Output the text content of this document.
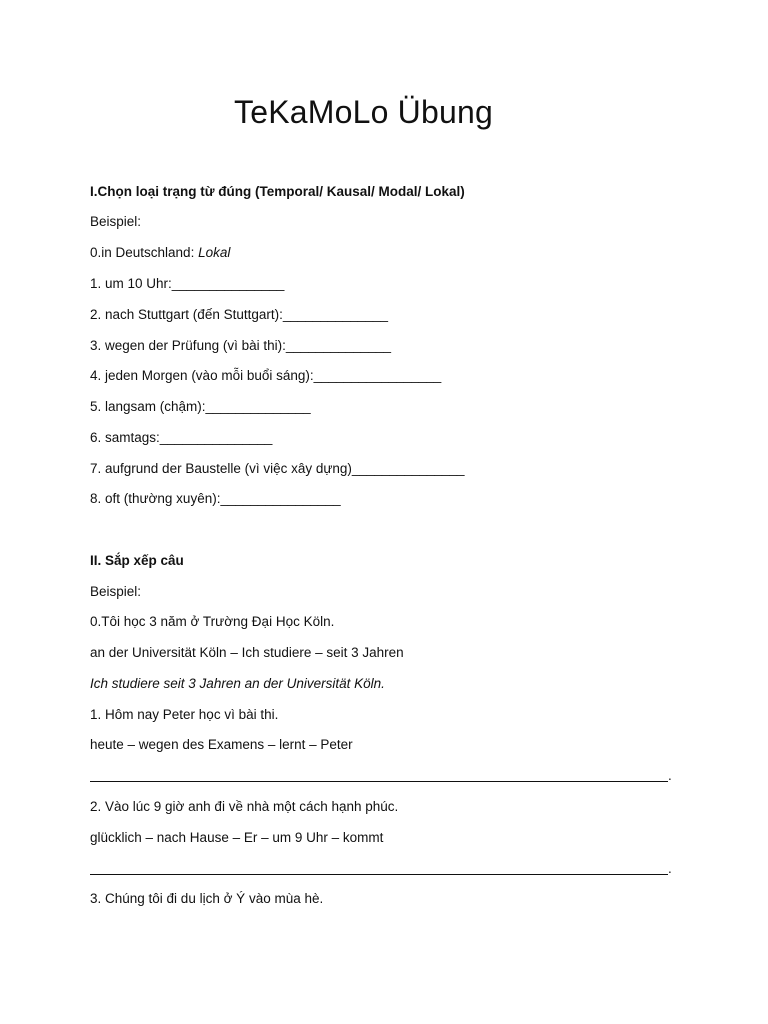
TeKaMoLo Übung
I.Chọn loại trạng từ đúng (Temporal/ Kausal/ Modal/ Lokal)
Beispiel:
0.in Deutschland: Lokal
1. um 10 Uhr:_______________
2. nach Stuttgart (đến Stuttgart):______________
3. wegen der Prüfung (vì bài thi):______________
4. jeden Morgen (vào mỗi buổi sáng):_________________
5. langsam (chậm):______________
6. samtags:_______________
7. aufgrund der Baustelle (vì việc xây dựng)_______________
8. oft (thường xuyên):________________
II. Sắp xếp câu
Beispiel:
0.Tôi học 3 năm ở Trường Đại Học Köln.
an der Universität Köln – Ich studiere – seit 3 Jahren
Ich studiere seit 3 Jahren an der Universität Köln.
1. Hôm nay Peter học vì bài thi.
heute – wegen des Examens – lernt – Peter
.
2. Vào lúc 9 giờ anh đi về nhà một cách hạnh phúc.
glücklich – nach Hause – Er – um 9 Uhr – kommt
.
3. Chúng tôi đi du lịch ở Ý vào mùa hè.
